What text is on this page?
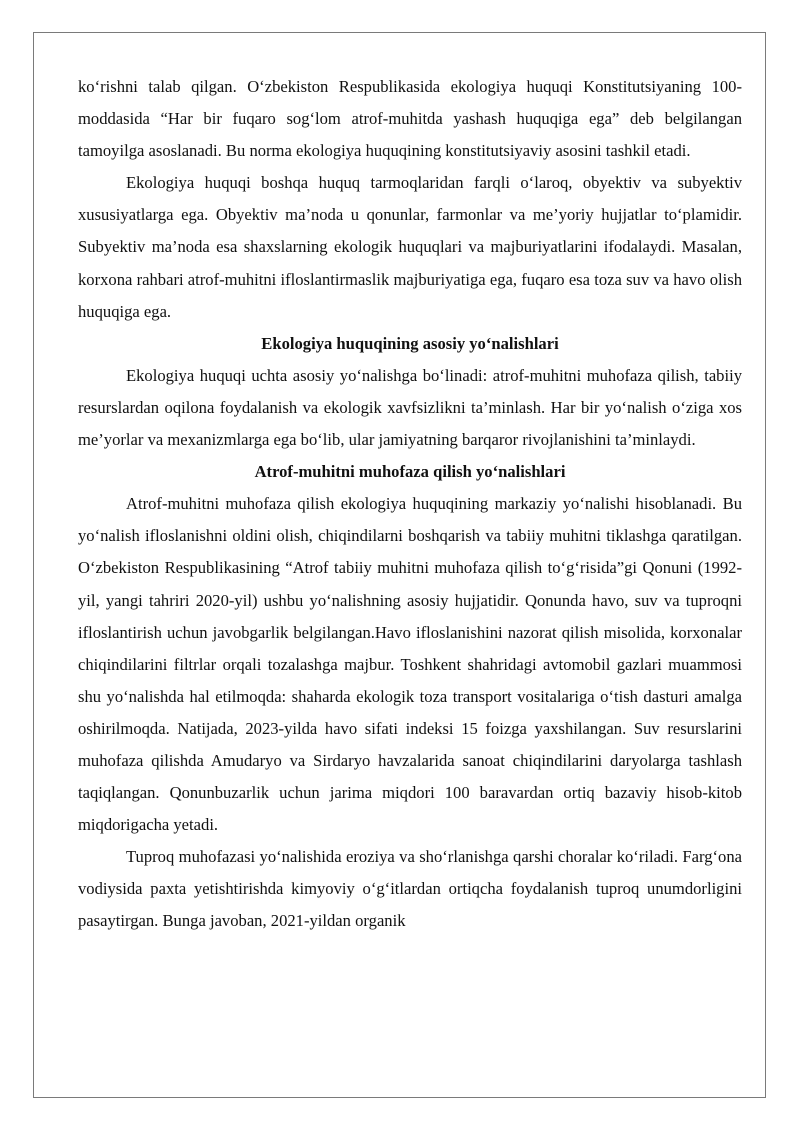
ko‘rishni talab qilgan. O‘zbekiston Respublikasida ekologiya huquqi Konstitutsiyaning 100-moddasida “Har bir fuqaro sog‘lom atrof-muhitda yashash huquqiga ega” deb belgilangan tamoyilga asoslanadi. Bu norma ekologiya huquqining konstitutsiyaviy asosini tashkil etadi.

Ekologiya huquqi boshqa huquq tarmoqlaridan farqli o‘laroq, obyektiv va subyektiv xususiyatlarga ega. Obyektiv ma’noda u qonunlar, farmonlar va me’yoriy hujjatlar to‘plamidir. Subyektiv ma’noda esa shaxslarning ekologik huquqlari va majburiyatlarini ifodalaydi. Masalan, korxona rahbari atrof-muhitni ifloslantirmaslik majburiyatiga ega, fuqaro esa toza suv va havo olish huquqiga ega.

Ekologiya huquqining asosiy yo‘nalishlari

Ekologiya huquqi uchta asosiy yo‘nalishga bo‘linadi: atrof-muhitni muhofaza qilish, tabiiy resurslardan oqilona foydalanish va ekologik xavfsizlikni ta’minlash. Har bir yo‘nalish o‘ziga xos me’yorlar va mexanizmlarga ega bo‘lib, ular jamiyatning barqaror rivojlanishini ta’minlaydi.

Atrof-muhitni muhofaza qilish yo‘nalishlari

Atrof-muhitni muhofaza qilish ekologiya huquqining markaziy yo‘nalishi hisoblanadi. Bu yo‘nalish ifloslanishni oldini olish, chiqindilarni boshqarish va tabiiy muhitni tiklashga qaratilgan. O‘zbekiston Respublikasining “Atrof tabiiy muhitni muhofaza qilish to‘g‘risida”gi Qonuni (1992-yil, yangi tahriri 2020-yil) ushbu yo‘nalishning asosiy hujjatidir. Qonunda havo, suv va tuproqni ifloslantirish uchun javobgarlik belgilangan.Havo ifloslanishini nazorat qilish misolida, korxonalar chiqindilarini filtrlar orqali tozalashga majbur. Toshkent shahridagi avtomobil gazlari muammosi shu yo‘nalishda hal etilmoqda: shaharda ekologik toza transport vositalariga o‘tish dasturi amalga oshirilmoqda. Natijada, 2023-yilda havo sifati indeksi 15 foizga yaxshilangan. Suv resurslarini muhofaza qilishda Amudaryo va Sirdaryo havzalarida sanoat chiqindilarini daryolarga tashlash taqiqlangan. Qonunbuzarlik uchun jarima miqdori 100 baravardan ortiq bazaviy hisob-kitob miqdorigacha yetadi.

Tuproq muhofazasi yo‘nalishida eroziya va sho‘rlanishga qarshi choralar ko‘riladi. Farg‘ona vodiysida paxta yetishtirishda kimyoviy o‘g‘itlardan ortiqcha foydalanish tuproq unumdorligini pasaytirgan. Bunga javoban, 2021-yildan organik
